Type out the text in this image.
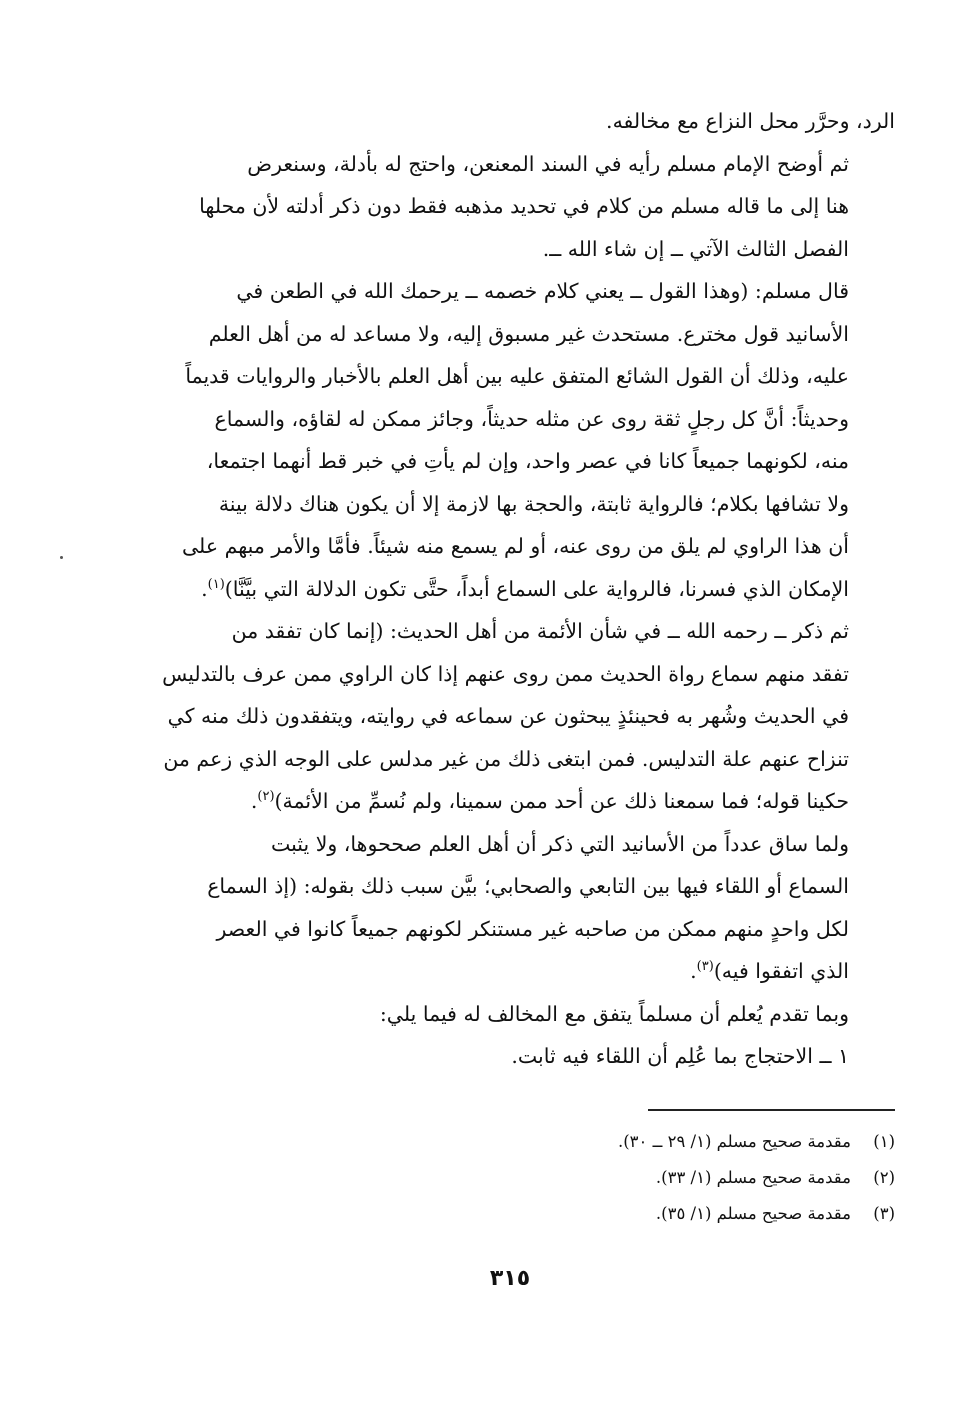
الرد، وحرَّر محل النزاع مع مخالفه.

ثم أوضح الإمام مسلم رأيه في السند المعنعن، واحتج له بأدلة، وسنعرض
هنا إلى ما قاله مسلم من كلام في تحديد مذهبه فقط دون ذكر أدلته لأن محلها
الفصل الثالث الآتي ــ إن شاء الله ــ.

قال مسلم: (وهذا القول ــ يعني كلام خصمه ــ يرحمك الله في الطعن في
الأسانيد قول مخترع. مستحدث غير مسبوق إليه، ولا مساعد له من أهل العلم
عليه، وذلك أن القول الشائع المتفق عليه بين أهل العلم بالأخبار والروايات قديماً
وحديثاً: أنَّ كل رجلٍ ثقة روى عن مثله حديثاً، وجائز ممكن له لقاؤه، والسماع
منه، لكونهما جميعاً كانا في عصر واحد، وإن لم يأتِ في خبر قط أنهما اجتمعا،
ولا تشافها بكلام؛ فالرواية ثابتة، والحجة بها لازمة إلا أن يكون هناك دلالة بينة
أن هذا الراوي لم يلق من روى عنه، أو لم يسمع منه شيئاً. فأمَّا والأمر مبهم على
الإمكان الذي فسرنا، فالرواية على السماع أبداً، حتَّى تكون الدلالة التي بيَّنَّا)$^{(١)}$.

ثم ذكر ــ رحمه الله ــ في شأن الأئمة من أهل الحديث: (إنما كان تفقد من
تفقد منهم سماع رواة الحديث ممن روى عنهم إذا كان الراوي ممن عرف بالتدليس
في الحديث وشُهر به فحينئذٍ يبحثون عن سماعه في روايته، ويتفقدون ذلك منه كي
تنزاح عنهم علة التدليس. فمن ابتغى ذلك من غير مدلس على الوجه الذي زعم من
حكينا قوله؛ فما سمعنا ذلك عن أحد ممن سمينا، ولم نُسمِّ من الأئمة)$^{(٢)}$.

ولما ساق عدداً من الأسانيد التي ذكر أن أهل العلم صححوها، ولا يثبت
السماع أو اللقاء فيها بين التابعي والصحابي؛ بيَّن سبب ذلك بقوله: (إذ السماع
لكل واحدٍ منهم ممكن من صاحبه غير مستنكر لكونهم جميعاً كانوا في العصر
الذي اتفقوا فيه)$^{(٣)}$.

وبما تقدم يُعلم أن مسلماً يتفق مع المخالف له فيما يلي:

١ ــ الاحتجاج بما عُلِم أن اللقاء فيه ثابت.

(١)مقدمة صحيح مسلم (١/ ٢٩ ــ ٣٠).
(٢)مقدمة صحيح مسلم (١/ ٣٣).
(٣)مقدمة صحيح مسلم (١/ ٣٥).
٣١٥
